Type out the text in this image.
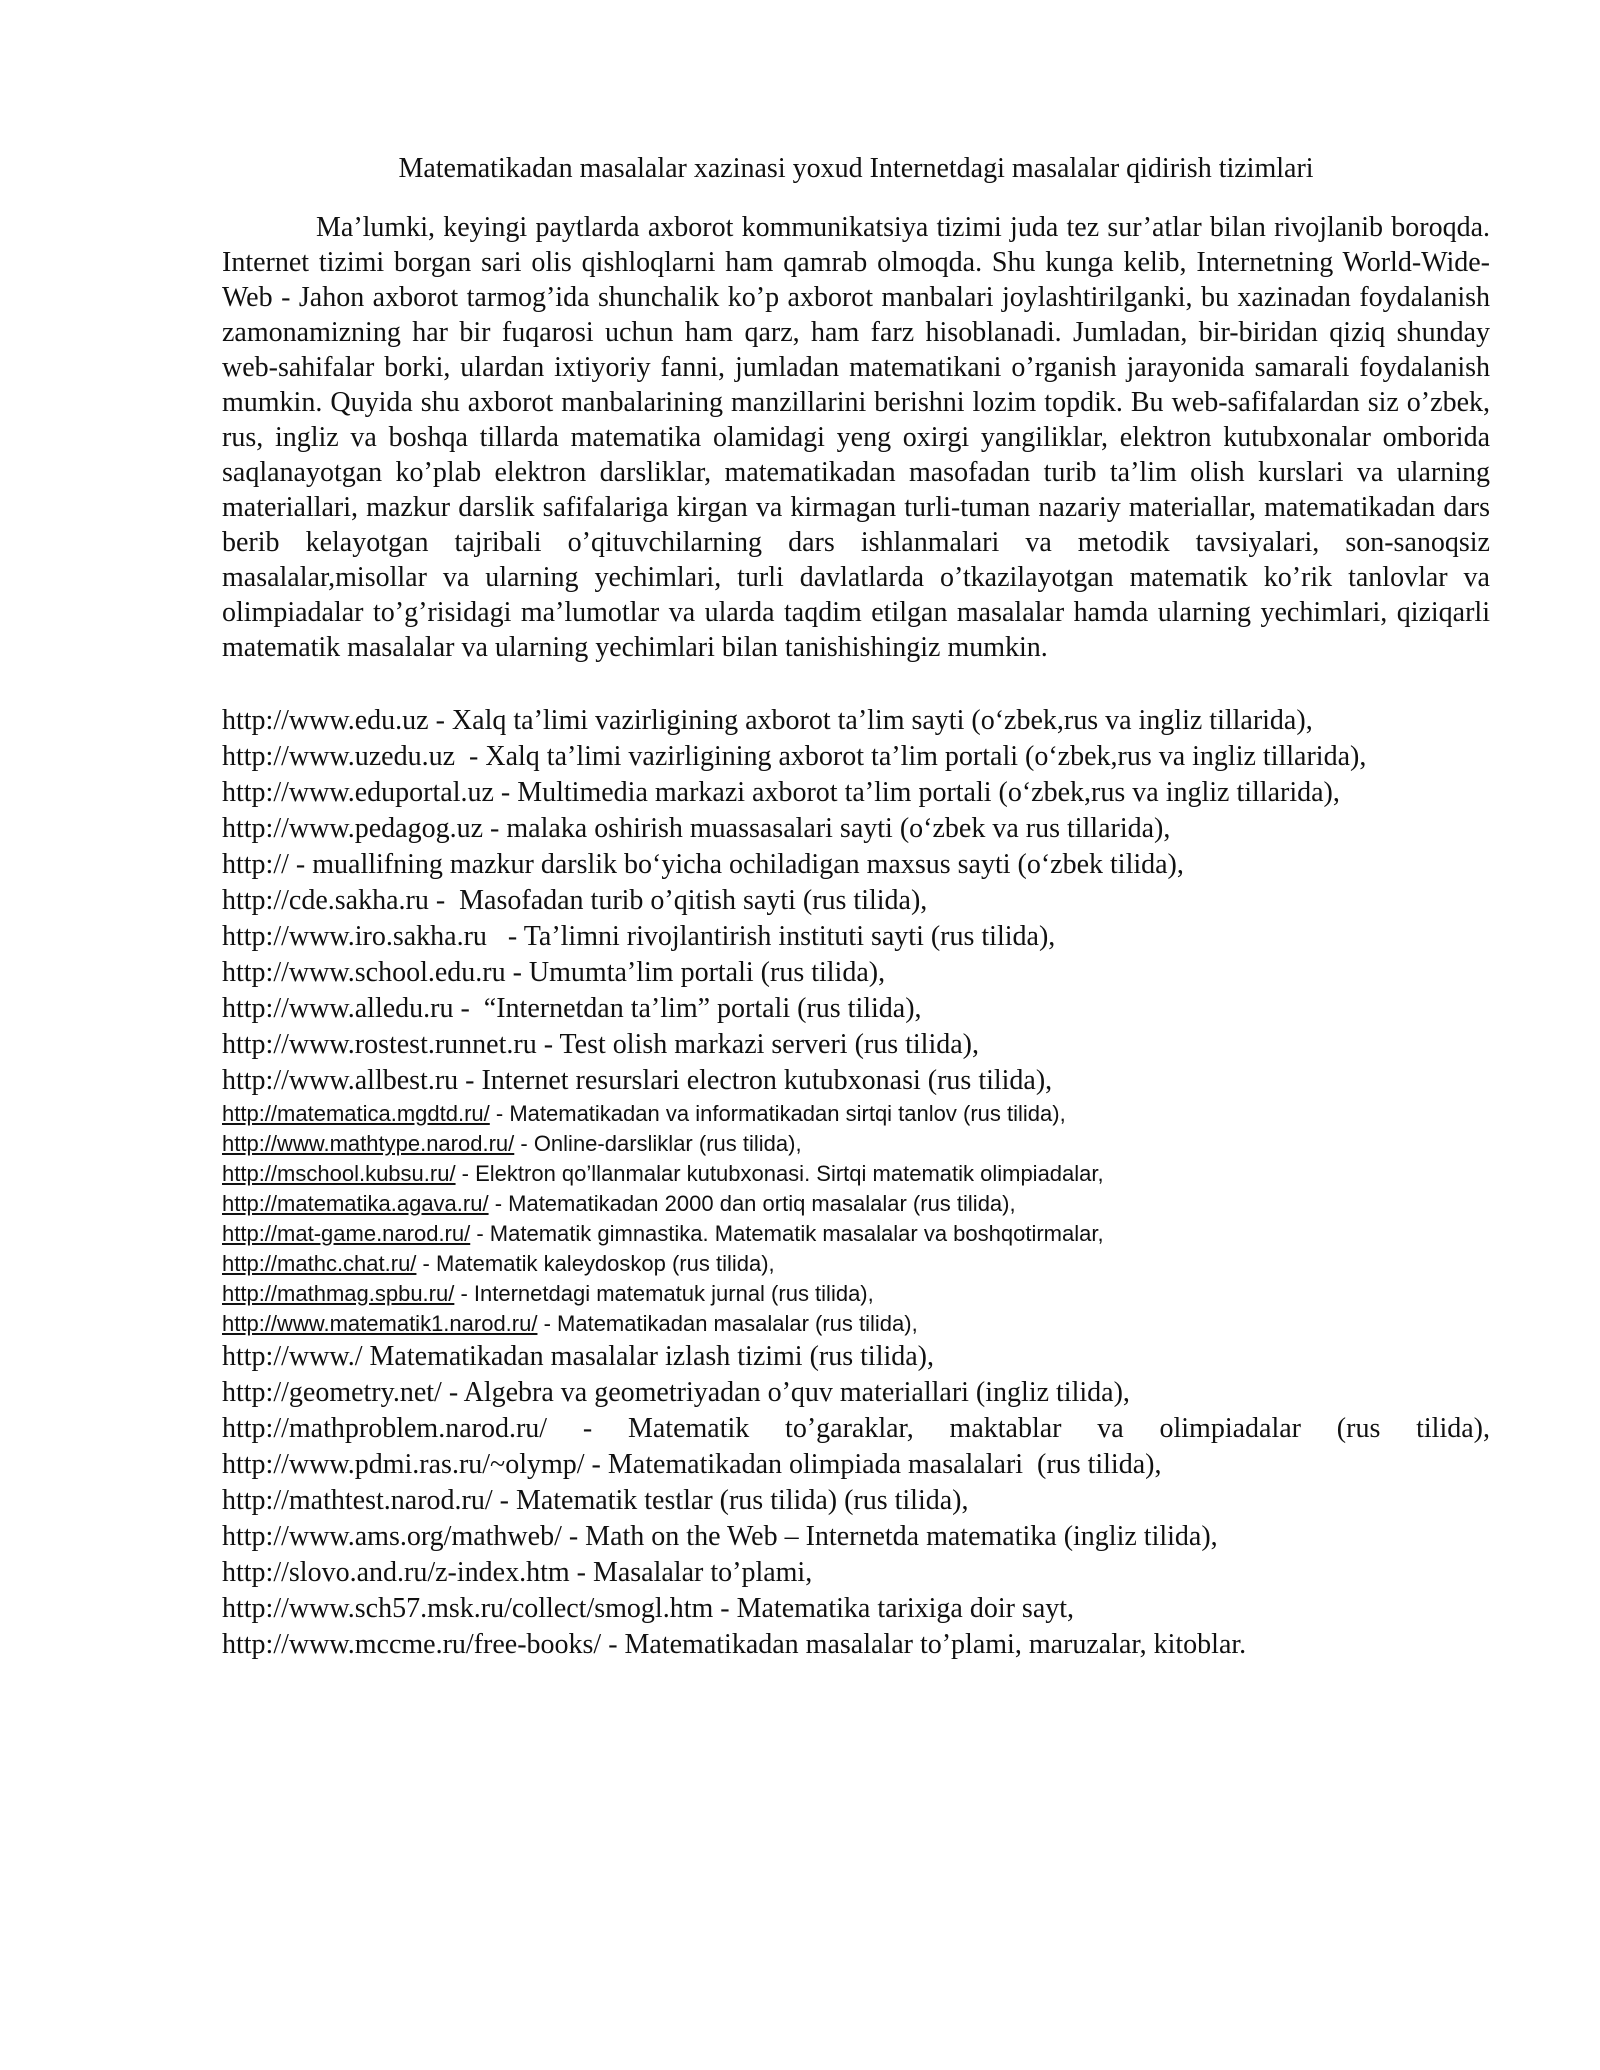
Matematikadan masalalar xazinasi yoxud Internetdagi masalalar qidirish tizimlari

Ma’lumki, keyingi paytlarda axborot kommunikatsiya tizimi juda tez sur’atlar bilan rivojlanib boroqda. Internet tizimi borgan sari olis qishloqlarni ham qamrab olmoqda. Shu kunga kelib, Internetning World-Wide-Web - Jahon axborot tarmog’ida shunchalik ko’p axborot manbalari joylashtirilganki, bu xazinadan foydalanish zamonamizning har bir fuqarosi uchun ham qarz, ham farz hisoblanadi. Jumladan, bir-biridan qiziq shunday web-sahifalar borki, ulardan ixtiyoriy fanni, jumladan matematikani o’rganish jarayonida samarali foydalanish mumkin. Quyida shu axborot manbalarining manzillarini berishni lozim topdik. Bu web-safifalardan siz o’zbek, rus, ingliz va boshqa tillarda matematika olamidagi yeng oxirgi yangiliklar, elektron kutubxonalar omborida saqlanayotgan ko’plab elektron darsliklar, matematikadan masofadan turib ta’lim olish kurslari va ularning materiallari, mazkur darslik safifalariga kirgan va kirmagan turli-tuman nazariy materiallar, matematikadan dars berib kelayotgan tajribali o’qituvchilarning dars ishlanmalari va metodik tavsiyalari, son-sanoqsiz masalalar,misollar va ularning yechimlari, turli davlatlarda o’tkazilayotgan matematik ko’rik tanlovlar va olimpiadalar to’g’risidagi ma’lumotlar va ularda taqdim etilgan masalalar hamda ularning yechimlari, qiziqarli matematik masalalar va ularning yechimlari bilan tanishishingiz mumkin.

http://www.edu.uz - Xalq ta’limi vazirligining axborot ta’lim sayti (o‘zbek,rus va ingliz tillarida),
http://www.uzedu.uz  - Xalq ta’limi vazirligining axborot ta’lim portali (o‘zbek,rus va ingliz tillarida),
http://www.eduportal.uz - Multimedia markazi axborot ta’lim portali (o‘zbek,rus va ingliz tillarida),
http://www.pedagog.uz - malaka oshirish muassasalari sayti (o‘zbek va rus tillarida),
http:// - muallifning mazkur darslik bo‘yicha ochiladigan maxsus sayti (o‘zbek tilida),
http://cde.sakha.ru -  Masofadan turib o’qitish sayti (rus tilida),
http://www.iro.sakha.ru   - Ta’limni rivojlantirish instituti sayti (rus tilida),
http://www.school.edu.ru - Umumta’lim portali (rus tilida),
http://www.alledu.ru -  “Internetdan ta’lim” portali (rus tilida),
http://www.rostest.runnet.ru - Test olish markazi serveri (rus tilida),
http://www.allbest.ru - Internet resurslari electron kutubxonasi (rus tilida),
http://matematica.mgdtd.ru/ - Matematikadan va informatikadan sirtqi tanlov (rus tilida),
http://www.mathtype.narod.ru/ - Online-darsliklar (rus tilida),
http://mschool.kubsu.ru/ - Elektron qo’llanmalar kutubxonasi. Sirtqi matematik olimpiadalar,
http://matematika.agava.ru/ - Matematikadan 2000 dan ortiq masalalar (rus tilida),
http://mat-game.narod.ru/ - Matematik gimnastika. Matematik masalalar va boshqotirmalar,
http://mathc.chat.ru/ - Matematik kaleydoskop (rus tilida),
http://mathmag.spbu.ru/ - Internetdagi matematuk jurnal (rus tilida),
http://www.matematik1.narod.ru/ - Matematikadan masalalar (rus tilida),
http://www./ Matematikadan masalalar izlash tizimi (rus tilida),
http://geometry.net/ - Algebra va geometriyadan o’quv materiallari (ingliz tilida),
http://mathproblem.narod.ru/  -  Matematik  to’garaklar,  maktablar  va  olimpiadalar  (rus  tilida),
http://www.pdmi.ras.ru/~olymp/ - Matematikadan olimpiada masalalari  (rus tilida),
http://mathtest.narod.ru/ - Matematik testlar (rus tilida) (rus tilida),
http://www.ams.org/mathweb/ - Math on the Web – Internetda matematika (ingliz tilida),
http://slovo.and.ru/z-index.htm - Masalalar to’plami,
http://www.sch57.msk.ru/collect/smogl.htm - Matematika tarixiga doir sayt,
http://www.mccme.ru/free-books/ - Matematikadan masalalar to’plami, maruzalar, kitoblar.
